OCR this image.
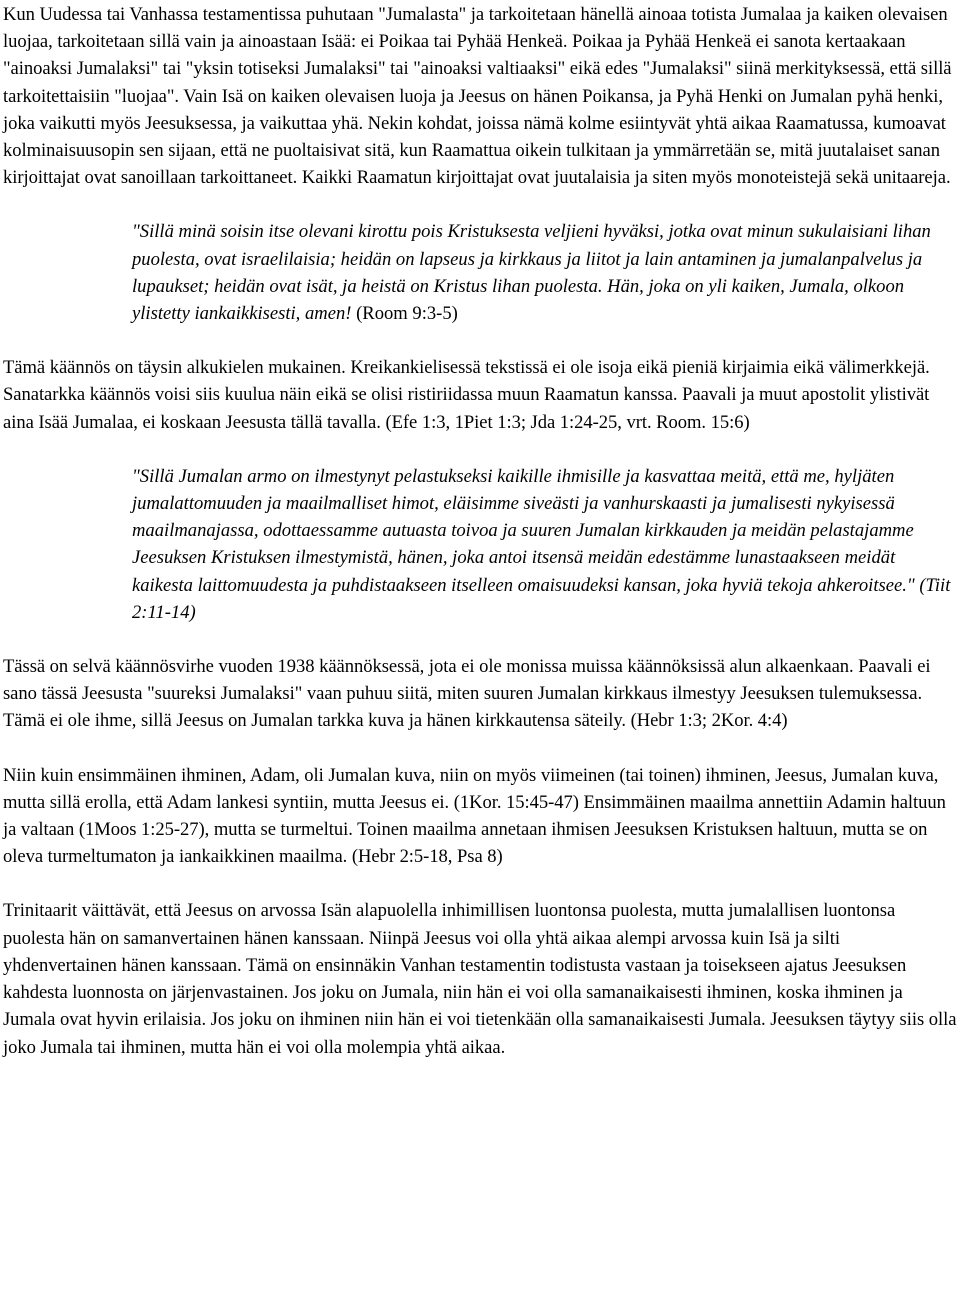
Kun Uudessa tai Vanhassa testamentissa puhutaan "Jumalasta" ja tarkoitetaan hänellä ainoaa totista Jumalaa ja kaiken olevaisen luojaa, tarkoitetaan sillä vain ja ainoastaan Isää: ei Poikaa tai Pyhää Henkeä. Poikaa ja Pyhää Henkeä ei sanota kertaakaan "ainoaksi Jumalaksi" tai "yksin totiseksi Jumalaksi" tai "ainoaksi valtiaaksi" eikä edes "Jumalaksi" siinä merkityksessä, että sillä tarkoitettaisiin "luojaa". Vain Isä on kaiken olevaisen luoja ja Jeesus on hänen Poikansa, ja Pyhä Henki on Jumalan pyhä henki, joka vaikutti myös Jeesuksessa, ja vaikuttaa yhä. Nekin kohdat, joissa nämä kolme esiintyvät yhtä aikaa Raamatussa, kumoavat kolminaisuusopin sen sijaan, että ne puoltaisivat sitä, kun Raamattua oikein tulkitaan ja ymmärretään se, mitä juutalaiset sanan kirjoittajat ovat sanoillaan tarkoittaneet. Kaikki Raamatun kirjoittajat ovat juutalaisia ja siten myös monoteistejä sekä unitaareja.

"Sillä minä soisin itse olevani kirottu pois Kristuksesta veljieni hyväksi, jotka ovat minun sukulaisiani lihan puolesta, ovat israelilaisia; heidän on lapseus ja kirkkaus ja liitot ja lain antaminen ja jumalanpalvelus ja lupaukset; heidän ovat isät, ja heistä on Kristus lihan puolesta. Hän, joka on yli kaiken, Jumala, olkoon ylistetty iankaikkisesti, amen! (Room 9:3-5)

Tämä käännös on täysin alkukielen mukainen. Kreikankielisessä tekstissä ei ole isoja eikä pieniä kirjaimia eikä välimerkkejä. Sanatarkka käännös voisi siis kuulua näin eikä se olisi ristiriidassa muun Raamatun kanssa. Paavali ja muut apostolit ylistivät aina Isää Jumalaa, ei koskaan Jeesusta tällä tavalla. (Efe 1:3, 1Piet 1:3; Jda 1:24-25, vrt. Room. 15:6)

"Sillä Jumalan armo on ilmestynyt pelastukseksi kaikille ihmisille ja kasvattaa meitä, että me, hyljäten jumalattomuuden ja maailmalliset himot, eläisimme siveästi ja vanhurskaasti ja jumalisesti nykyisessä maailmanajassa, odottaessamme autuasta toivoa ja suuren Jumalan kirkkauden ja meidän pelastajamme Jeesuksen Kristuksen ilmestymistä, hänen, joka antoi itsensä meidän edestämme lunastaakseen meidät kaikesta laittomuudesta ja puhdistaakseen itselleen omaisuudeksi kansan, joka hyviä tekoja ahkeroitsee." (Tiit 2:11-14)

Tässä on selvä käännösvirhe vuoden 1938 käännöksessä, jota ei ole monissa muissa käännöksissä alun alkaenkaan. Paavali ei sano tässä Jeesusta "suureksi Jumalaksi" vaan puhuu siitä, miten suuren Jumalan kirkkaus ilmestyy Jeesuksen tulemuksessa. Tämä ei ole ihme, sillä Jeesus on Jumalan tarkka kuva ja hänen kirkkautensa säteily. (Hebr 1:3; 2Kor. 4:4)

Niin kuin ensimmäinen ihminen, Adam, oli Jumalan kuva, niin on myös viimeinen (tai toinen) ihminen, Jeesus, Jumalan kuva, mutta sillä erolla, että Adam lankesi syntiin, mutta Jeesus ei. (1Kor. 15:45-47) Ensimmäinen maailma annettiin Adamin haltuun ja valtaan (1Moos 1:25-27), mutta se turmeltui. Toinen maailma annetaan ihmisen Jeesuksen Kristuksen haltuun, mutta se on oleva turmeltumaton ja iankaikkinen maailma. (Hebr 2:5-18, Psa 8)

Trinitaarit väittävät, että Jeesus on arvossa Isän alapuolella inhimillisen luontonsa puolesta, mutta jumalallisen luontonsa puolesta hän on samanvertainen hänen kanssaan. Niinpä Jeesus voi olla yhtä aikaa alempi arvossa kuin Isä ja silti yhdenvertainen hänen kanssaan. Tämä on ensinnäkin Vanhan testamentin todistusta vastaan ja toisekseen ajatus Jeesuksen kahdesta luonnosta on järjenvastainen. Jos joku on Jumala, niin hän ei voi olla samanaikaisesti ihminen, koska ihminen ja Jumala ovat hyvin erilaisia. Jos joku on ihminen niin hän ei voi tietenkään olla samanaikaisesti Jumala. Jeesuksen täytyy siis olla joko Jumala tai ihminen, mutta hän ei voi olla molempia yhtä aikaa.
